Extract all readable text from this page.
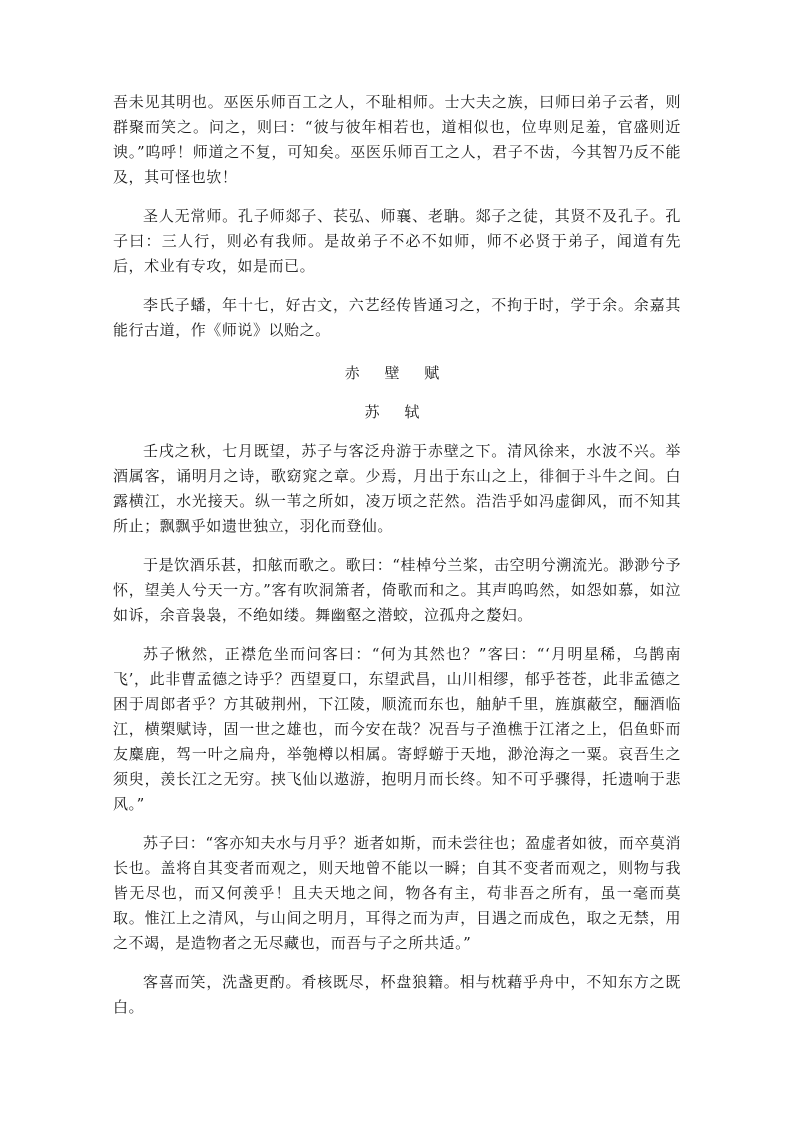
吾未见其明也。巫医乐师百工之人，不耻相师。士大夫之族，曰师曰弟子云者，则群聚而笑之。问之，则曰：“彼与彼年相若也，道相似也，位卑则足羞，官盛则近谀。”呜呼！师道之不复，可知矣。巫医乐师百工之人，君子不齿，今其智乃反不能及，其可怪也欤！

圣人无常师。孔子师郯子、苌弘、师襄、老聃。郯子之徒，其贤不及孔子。孔子曰：三人行，则必有我师。是故弟子不必不如师，师不必贤于弟子，闻道有先后，术业有专攻，如是而已。

李氏子蟠，年十七，好古文，六艺经传皆通习之，不拘于时，学于余。余嘉其能行古道，作《师说》以贻之。

赤 壁 赋
苏 轼

壬戌之秋，七月既望，苏子与客泛舟游于赤壁之下。清风徐来，水波不兴。举酒属客，诵明月之诗，歌窈窕之章。少焉，月出于东山之上，徘徊于斗牛之间。白露横江，水光接天。纵一苇之所如，凌万顷之茫然。浩浩乎如冯虚御风，而不知其所止；飘飘乎如遗世独立，羽化而登仙。

于是饮酒乐甚，扣舷而歌之。歌曰：“桂棹兮兰桨，击空明兮溯流光。渺渺兮予怀，望美人兮天一方。”客有吹洞箫者，倚歌而和之。其声呜呜然，如怨如慕，如泣如诉，余音袅袅，不绝如缕。舞幽壑之潜蛟，泣孤舟之嫠妇。

苏子愀然，正襟危坐而问客曰：“何为其然也？”客曰：“‘月明星稀，乌鹊南飞’，此非曹孟德之诗乎？西望夏口，东望武昌，山川相缪，郁乎苍苍，此非孟德之困于周郎者乎？方其破荆州，下江陵，顺流而东也，舳舻千里，旌旗蔽空，酾酒临江，横槊赋诗，固一世之雄也，而今安在哉？况吾与子渔樵于江渚之上，侣鱼虾而友麋鹿，驾一叶之扁舟，举匏樽以相属。寄蜉蝣于天地，渺沧海之一粟。哀吾生之须臾，羡长江之无穷。挟飞仙以遨游，抱明月而长终。知不可乎骤得，托遗响于悲风。”

苏子曰：“客亦知夫水与月乎？逝者如斯，而未尝往也；盈虚者如彼，而卒莫消长也。盖将自其变者而观之，则天地曾不能以一瞬；自其不变者而观之，则物与我皆无尽也，而又何羡乎！且夫天地之间，物各有主，苟非吾之所有，虽一毫而莫取。惟江上之清风，与山间之明月，耳得之而为声，目遇之而成色，取之无禁，用之不竭，是造物者之无尽藏也，而吾与子之所共适。”

客喜而笑，洗盏更酌。肴核既尽，杯盘狼籍。相与枕藉乎舟中，不知东方之既白。
